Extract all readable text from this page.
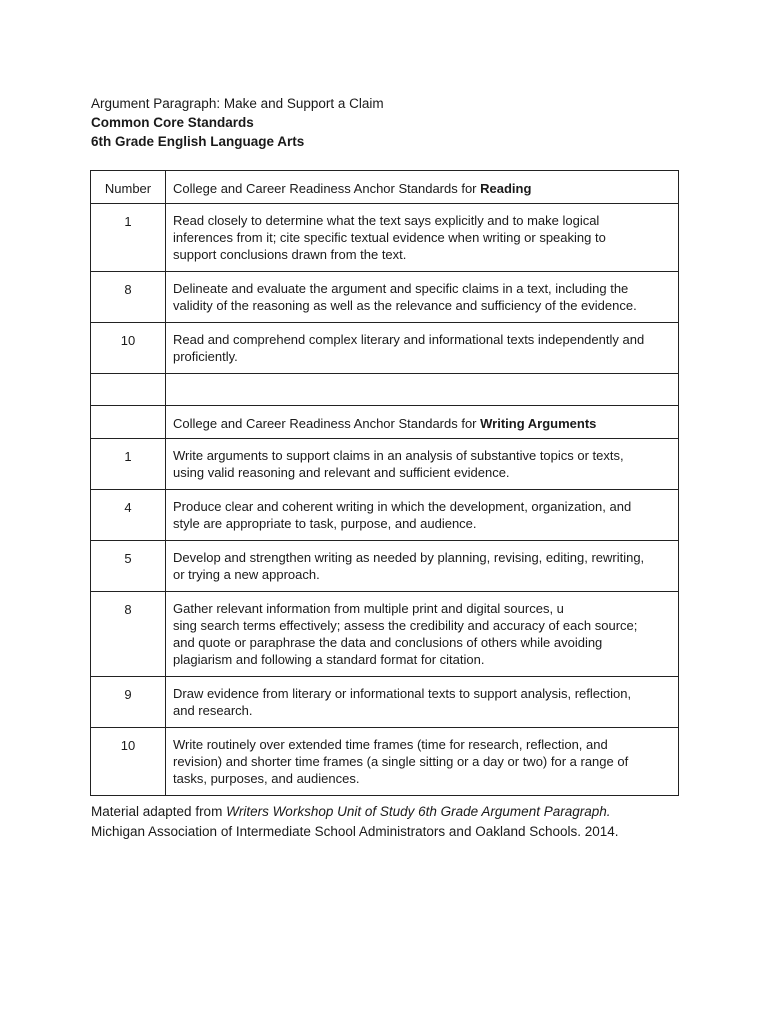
Argument Paragraph: Make and Support a Claim
Common Core Standards
6th Grade English Language Arts
Number	College and Career Readiness Anchor Standards for Reading

1	Read closely to determine what the text says explicitly and to make logical
inferences from it; cite specific textual evidence when writing or speaking to
support conclusions drawn from the text.

8	Delineate and evaluate the argument and specific claims in a text, including the
validity of the reasoning as well as the relevance and sufficiency of the evidence.

10	Read and comprehend complex literary and informational texts independently and
proficiently.

	College and Career Readiness Anchor Standards for Writing Arguments

1	Write arguments to support claims in an analysis of substantive topics or texts,
using valid reasoning and relevant and sufficient evidence.

4	Produce clear and coherent writing in which the development, organization, and
style are appropriate to task, purpose, and audience.

5	Develop and strengthen writing as needed by planning, revising, editing, rewriting,
or trying a new approach.

8	Gather relevant information from multiple print and digital sources, u
sing search terms effectively; assess the credibility and accuracy of each source;
and quote or paraphrase the data and conclusions of others while avoiding
plagiarism and following a standard format for citation.

9	Draw evidence from literary or informational texts to support analysis, reflection,
and research.

10	Write routinely over extended time frames (time for research, reflection, and
revision) and shorter time frames (a single sitting or a day or two) for a range of
tasks, purposes, and audiences.
Material adapted from Writers Workshop Unit of Study 6th Grade Argument Paragraph.
Michigan Association of Intermediate School Administrators and Oakland Schools. 2014.
